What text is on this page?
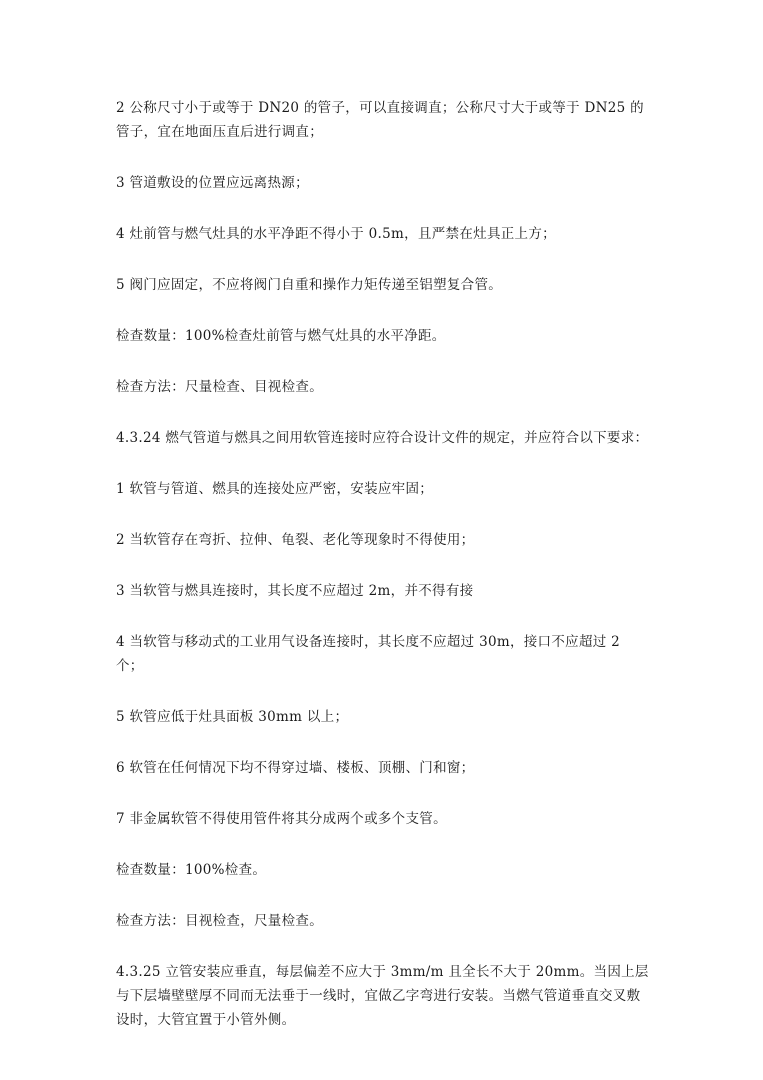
2 公称尺寸小于或等于 DN20 的管子，可以直接调直；公称尺寸大于或等于 DN25 的管子，宜在地面压直后进行调直；

3 管道敷设的位置应远离热源；

4 灶前管与燃气灶具的水平净距不得小于 0.5m，且严禁在灶具正上方；

5 阀门应固定，不应将阀门自重和操作力矩传递至铝塑复合管。

检查数量：100%检查灶前管与燃气灶具的水平净距。

检查方法：尺量检查、目视检查。

4.3.24 燃气管道与燃具之间用软管连接时应符合设计文件的规定，并应符合以下要求：

1 软管与管道、燃具的连接处应严密，安装应牢固；

2 当软管存在弯折、拉伸、龟裂、老化等现象时不得使用；

3 当软管与燃具连接时，其长度不应超过 2m，并不得有接

4 当软管与移动式的工业用气设备连接时，其长度不应超过 30m，接口不应超过 2 个；

5 软管应低于灶具面板 30mm 以上；

6 软管在任何情况下均不得穿过墙、楼板、顶棚、门和窗；

7 非金属软管不得使用管件将其分成两个或多个支管。

检查数量：100%检查。

检查方法：目视检查，尺量检查。

4.3.25 立管安装应垂直，每层偏差不应大于 3mm/m 且全长不大于 20mm。当因上层与下层墙壁壁厚不同而无法垂于一线时，宜做乙字弯进行安装。当燃气管道垂直交叉敷设时，大管宜置于小管外侧。
